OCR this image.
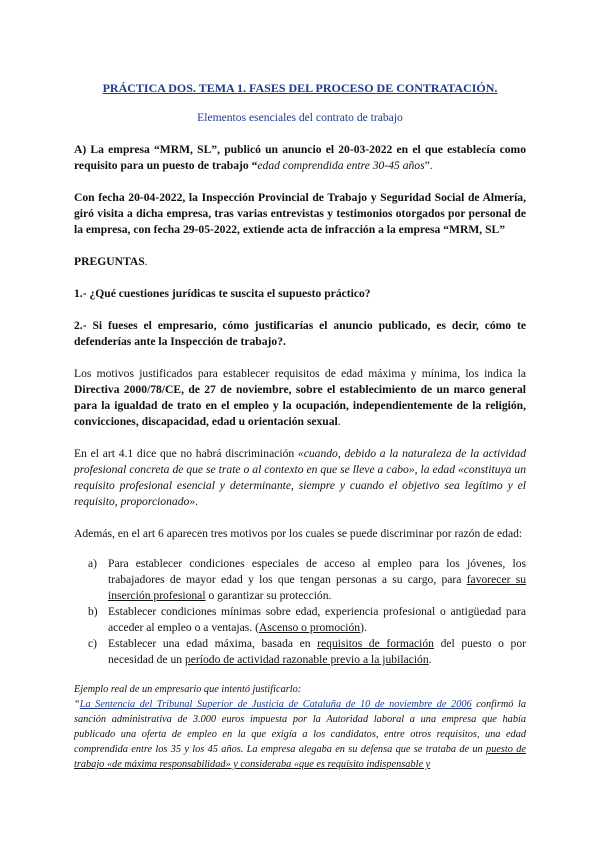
PRÁCTICA DOS. TEMA 1. FASES DEL PROCESO DE CONTRATACIÓN.
Elementos esenciales del contrato de trabajo

A) La empresa “MRM, SL”, publicó un anuncio el 20-03-2022 en el que establecía como requisito para un puesto de trabajo “edad comprendida entre 30-45 años”.

Con fecha 20-04-2022, la Inspección Provincial de Trabajo y Seguridad Social de Almería, giró visita a dicha empresa, tras varias entrevistas y testimonios otorgados por personal de la empresa, con fecha 29-05-2022, extiende acta de infracción a la empresa “MRM, SL”

PREGUNTAS.

1.- ¿Qué cuestiones jurídicas te suscita el supuesto práctico?

2.- Si fueses el empresario, cómo justificarías el anuncio publicado, es decir, cómo te defenderías ante la Inspección de trabajo?.

Los motivos justificados para establecer requisitos de edad máxima y mínima, los indica la Directiva 2000/78/CE, de 27 de noviembre, sobre el establecimiento de un marco general para la igualdad de trato en el empleo y la ocupación, independientemente de la religión, convicciones, discapacidad, edad u orientación sexual.

En el art 4.1 dice que no habrá discriminación «cuando, debido a la naturaleza de la actividad profesional concreta de que se trate o al contexto en que se lleve a cabo», la edad «constituya un requisito profesional esencial y determinante, siempre y cuando el objetivo sea legítimo y el requisito, proporcionado».

Además, en el art 6 aparecen tres motivos por los cuales se puede discriminar por razón de edad:

a) Para establecer condiciones especiales de acceso al empleo para los jóvenes, los trabajadores de mayor edad y los que tengan personas a su cargo, para favorecer su inserción profesional o garantizar su protección.
b) Establecer condiciones mínimas sobre edad, experiencia profesional o antigüedad para acceder al empleo o a ventajas. (Ascenso o promoción).
c) Establecer una edad máxima, basada en requisitos de formación del puesto o por necesidad de un período de actividad razonable previo a la jubilación.

Ejemplo real de un empresario que intentó justificarlo:

“La Sentencia del Tribunal Superior de Justicia de Cataluña de 10 de noviembre de 2006 confirmó la sanción administrativa de 3.000 euros impuesta por la Autoridad laboral a una empresa que había publicado una oferta de empleo en la que exigía a los candidatos, entre otros requisitos, una edad comprendida entre los 35 y los 45 años. La empresa alegaba en su defensa que se trataba de un puesto de trabajo «de máxima responsabilidad» y consideraba «que es requisito indispensable y
